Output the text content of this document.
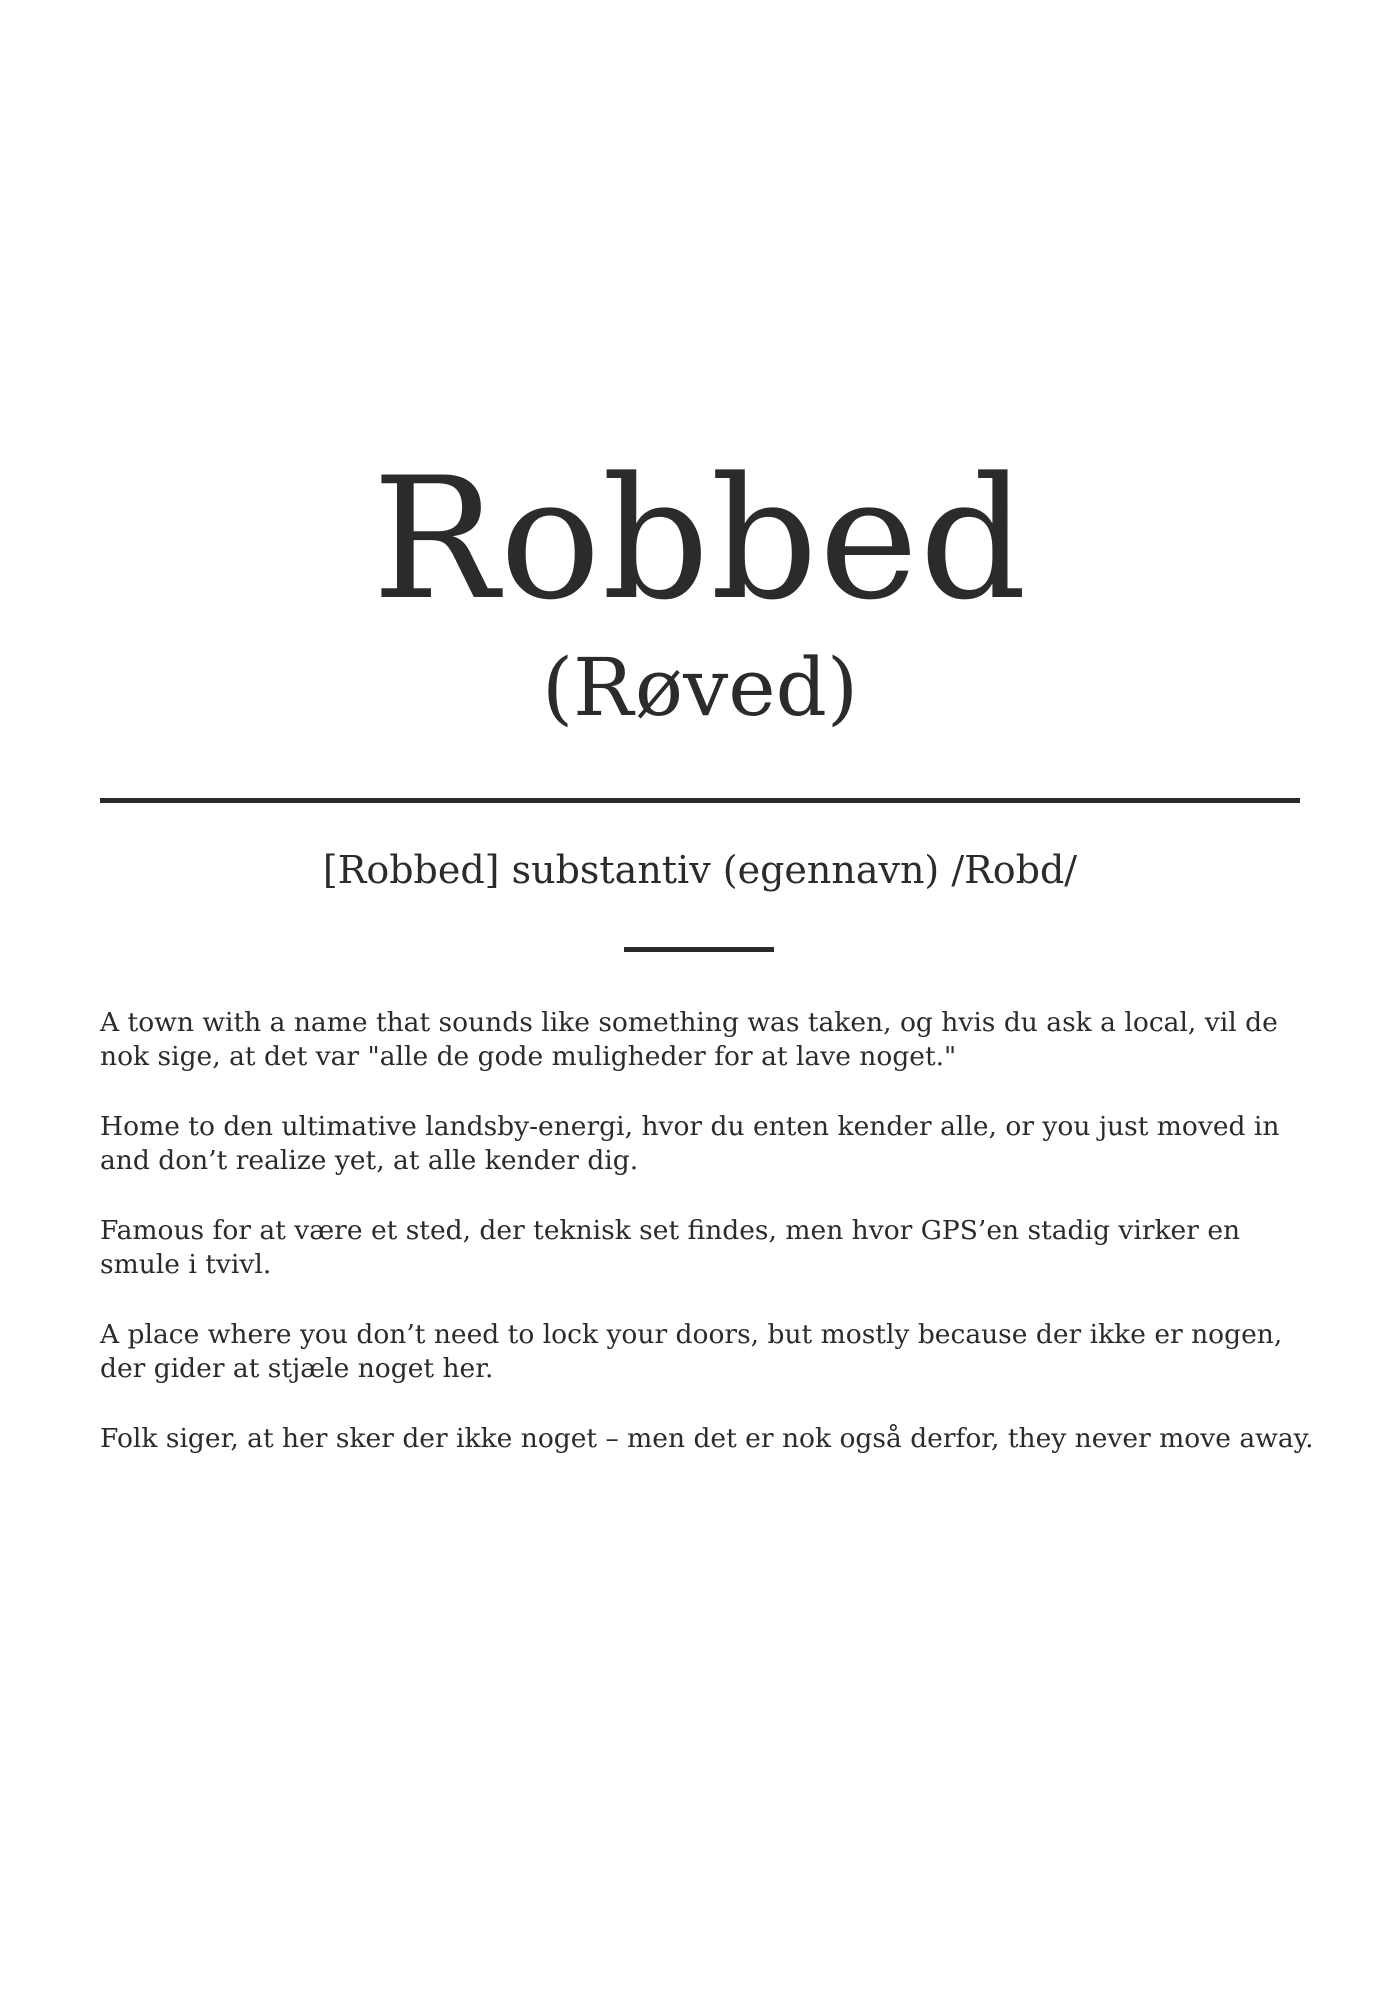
Robbed
(Røved)
[Robbed] substantiv (egennavn) /Robd/

A town with a name that sounds like something was taken, og hvis du ask a local, vil de nok sige, at det var "alle de gode muligheder for at lave noget."

Home to den ultimative landsby-energi, hvor du enten kender alle, or you just moved in and don’t realize yet, at alle kender dig.

Famous for at være et sted, der teknisk set findes, men hvor GPS’en stadig virker en smule i tvivl.

A place where you don’t need to lock your doors, but mostly because der ikke er nogen, der gider at stjæle noget her.

Folk siger, at her sker der ikke noget – men det er nok også derfor, they never move away.
